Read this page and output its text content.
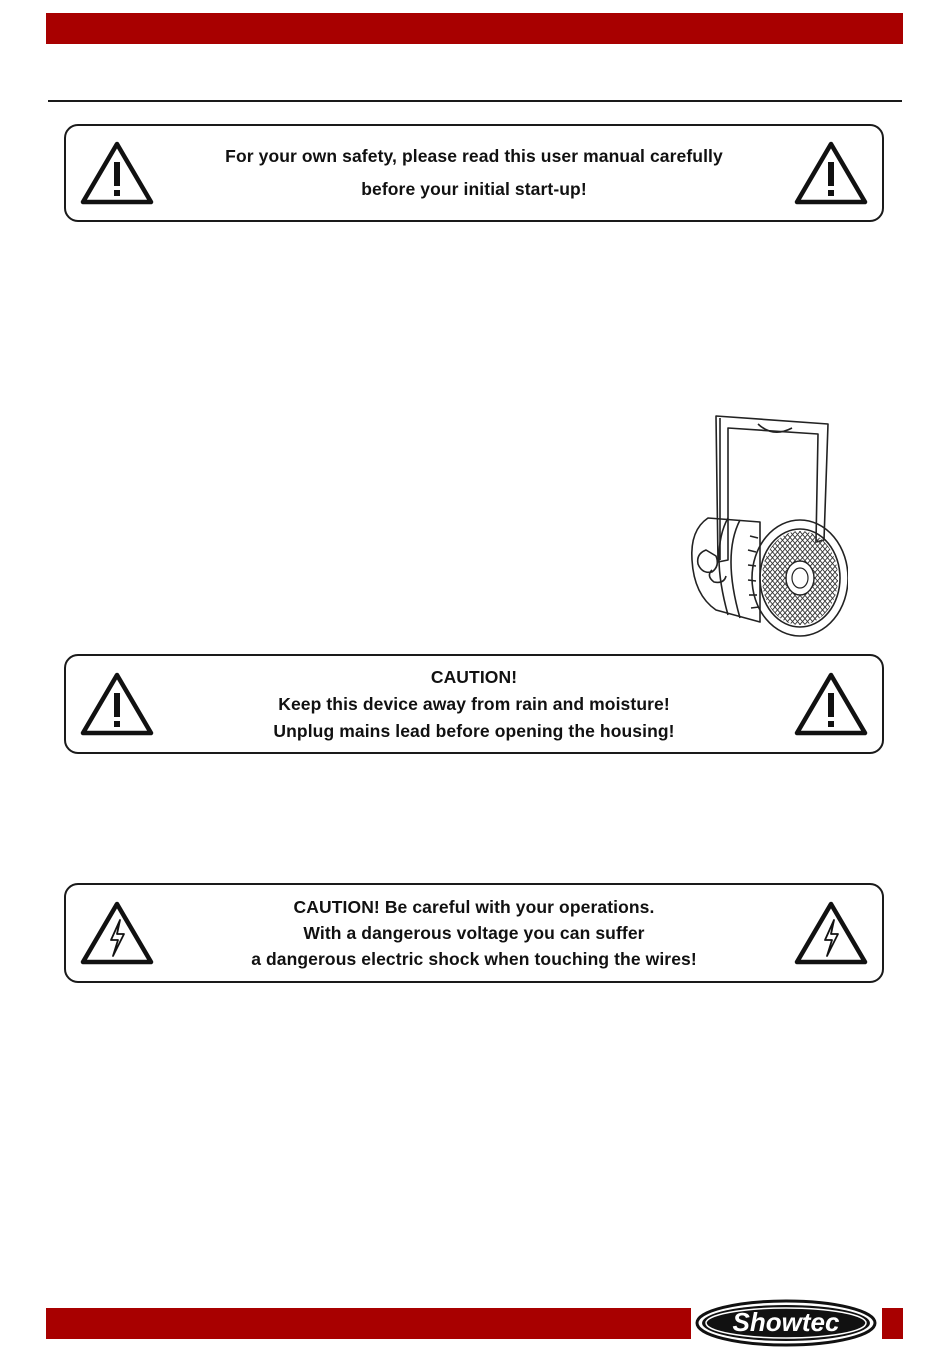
For your own safety, please read this user manual carefully
before your initial start-up!
CAUTION!
Keep this device away from rain and moisture!
Unplug mains lead before opening the housing!
CAUTION! Be careful with your operations.
With a dangerous voltage you can suffer
a dangerous electric shock when touching the wires!
Showtec
